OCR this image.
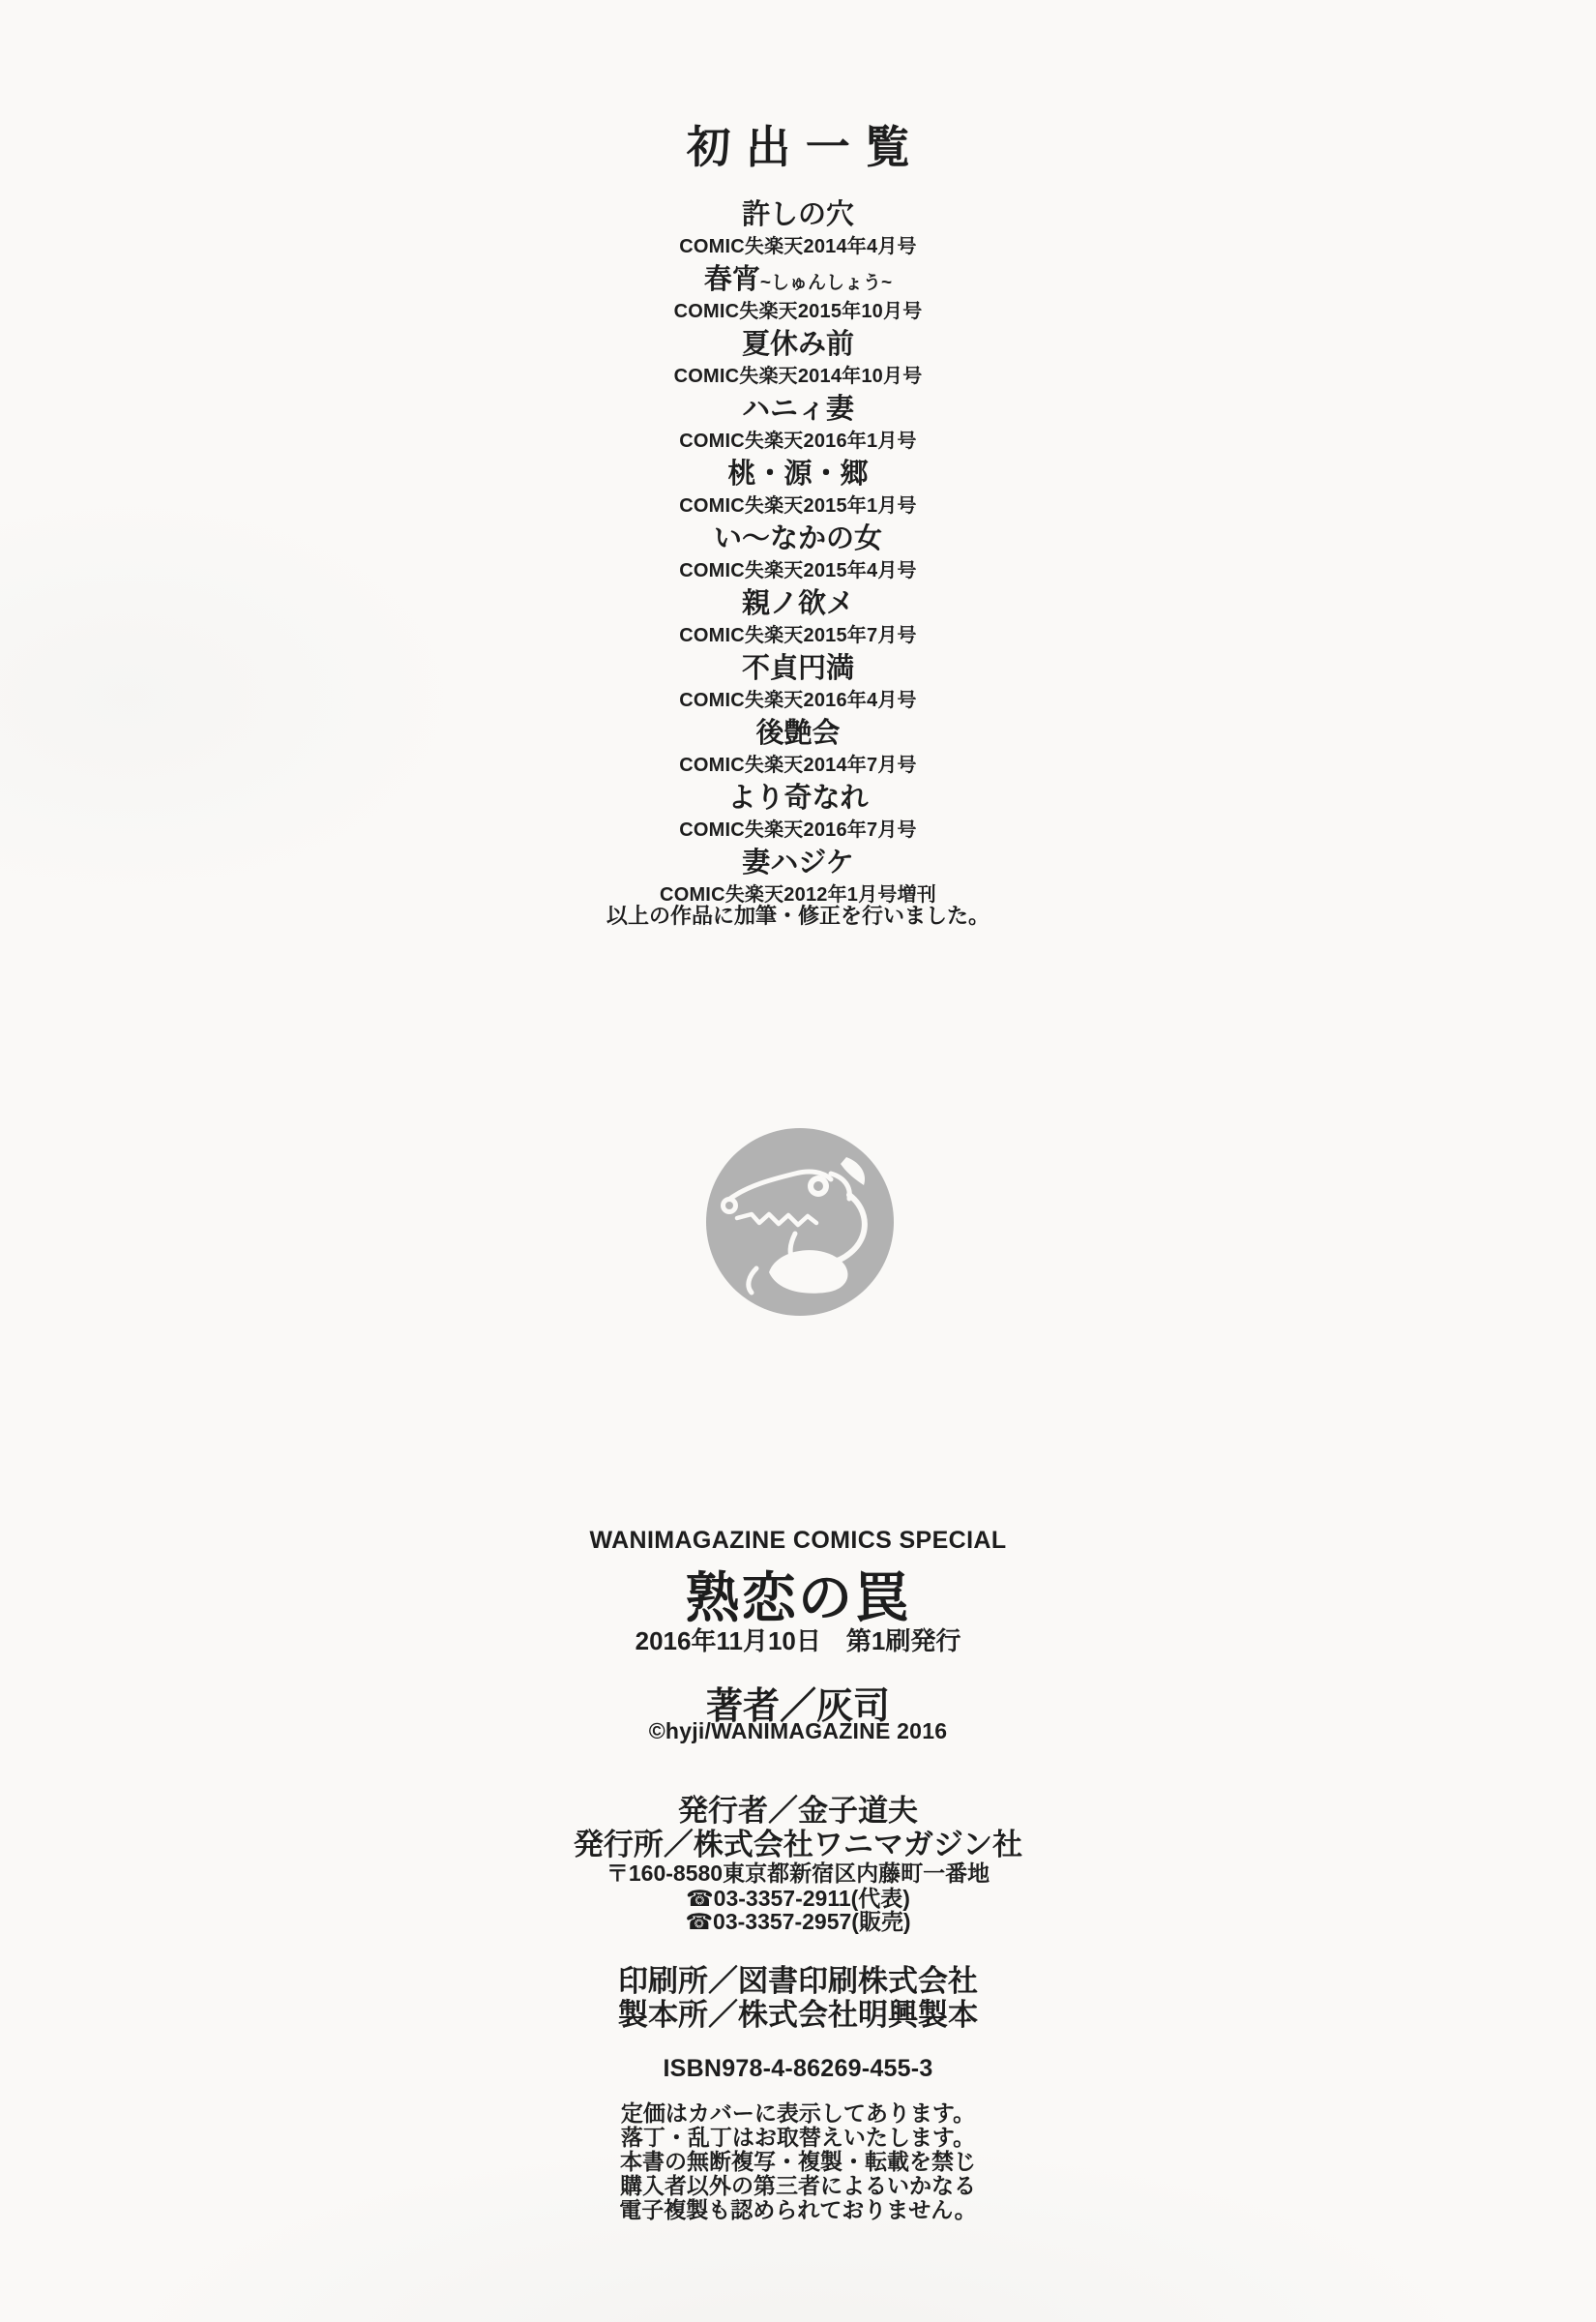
初出一覧
許しの穴
COMIC失楽天2014年4月号
春宵~しゅんしょう~
COMIC失楽天2015年10月号
夏休み前
COMIC失楽天2014年10月号
ハニィ妻
COMIC失楽天2016年1月号
桃・源・郷
COMIC失楽天2015年1月号
い～なかの女
COMIC失楽天2015年4月号
親ノ欲メ
COMIC失楽天2015年7月号
不貞円満
COMIC失楽天2016年4月号
後艶会
COMIC失楽天2014年7月号
より奇なれ
COMIC失楽天2016年7月号
妻ハジケ
COMIC失楽天2012年1月号増刊
以上の作品に加筆・修正を行いました。
WANIMAGAZINE COMICS SPECIAL
熟恋の罠
2016年11月10日　第1刷発行
著者／灰司
©hyji/WANIMAGAZINE 2016
発行者／金子道夫
発行所／株式会社ワニマガジン社
〒160-8580東京都新宿区内藤町一番地
☎03-3357-2911(代表)
☎03-3357-2957(販売)
印刷所／図書印刷株式会社
製本所／株式会社明興製本
ISBN978-4-86269-455-3
定価はカバーに表示してあります。
落丁・乱丁はお取替えいたします。
本書の無断複写・複製・転載を禁じ
購入者以外の第三者によるいかなる
電子複製も認められておりません。
